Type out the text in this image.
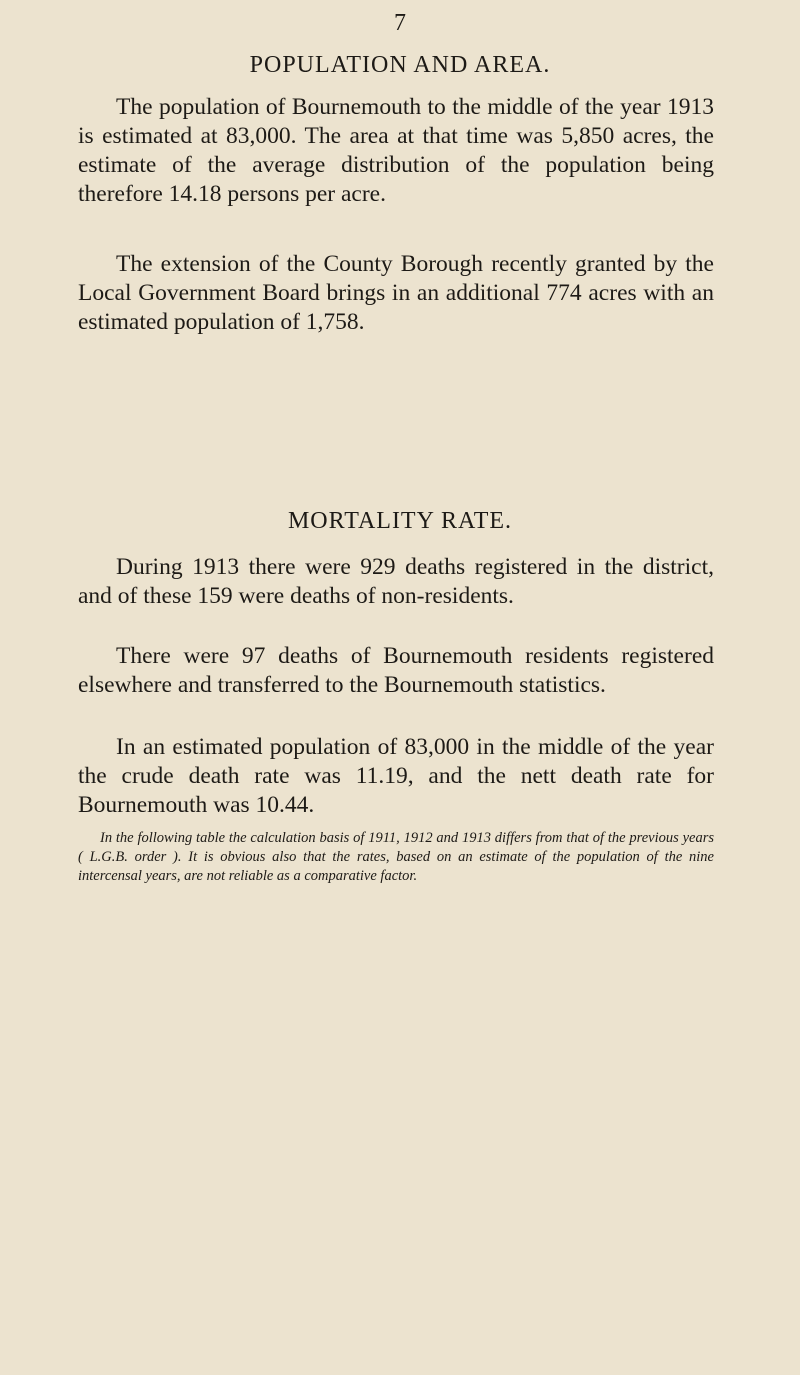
7
POPULATION AND AREA.

The population of Bournemouth to the middle of the year 1913 is estimated at 83,000. The area at that time was 5,850 acres, the estimate of the average distribution of the population being therefore 14.18 persons per acre.

The extension of the County Borough recently granted by the Local Government Board brings in an additional 774 acres with an estimated population of 1,758.

MORTALITY RATE.

During 1913 there were 929 deaths registered in the district, and of these 159 were deaths of non-residents.

There were 97 deaths of Bournemouth residents registered elsewhere and transferred to the Bournemouth statistics.

In an estimated population of 83,000 in the middle of the year the crude death rate was 11.19, and the nett death rate for Bournemouth was 10.44.

In the following table the calculation basis of 1911, 1912 and 1913 differs from that of the previous years ( L.G.B. order ). It is obvious also that the rates, based on an estimate of the population of the nine intercensal years, are not reliable as a comparative factor.
